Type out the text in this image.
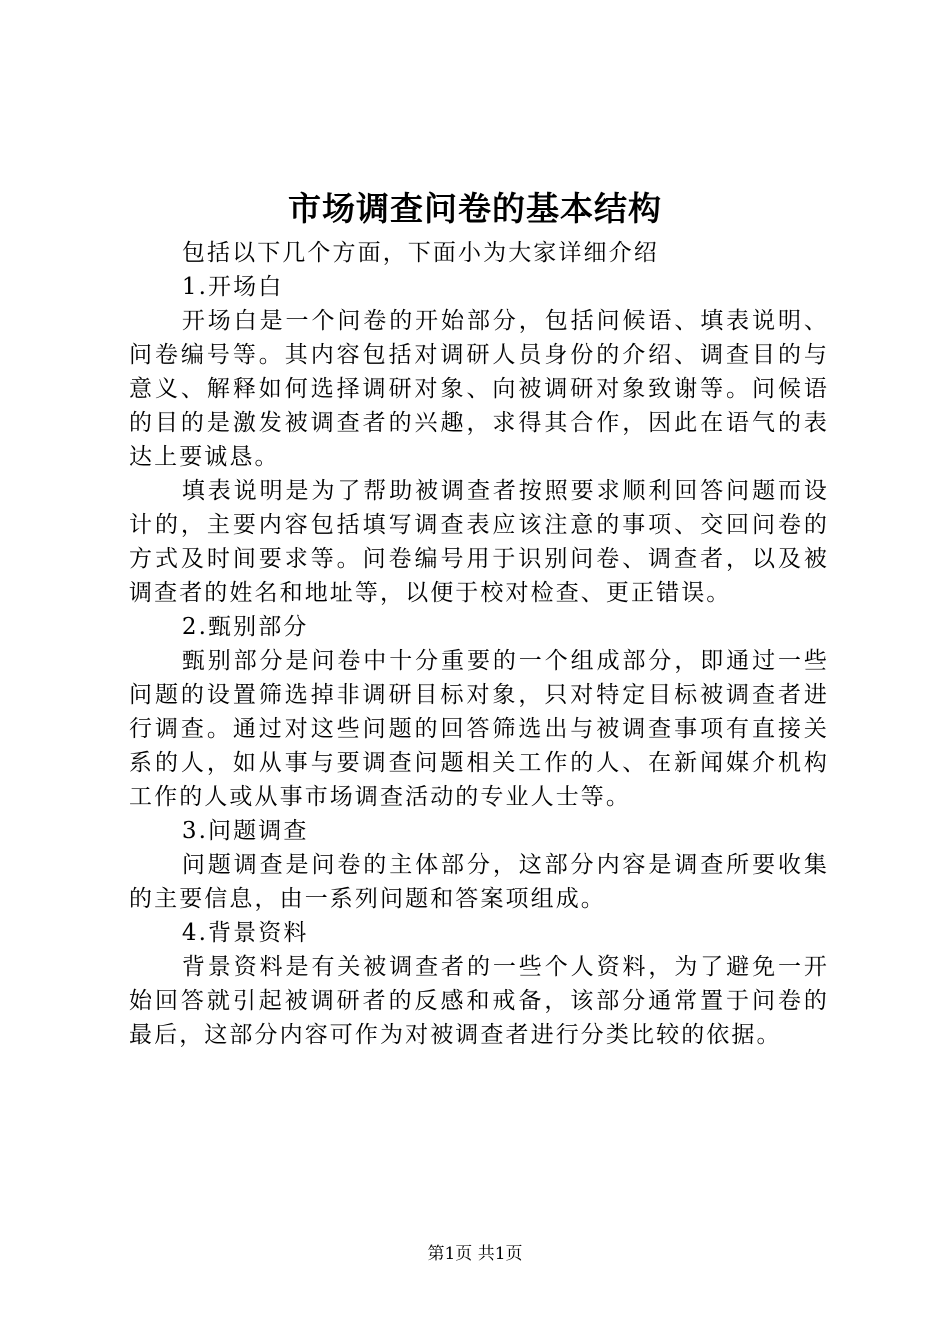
市场调查问卷的基本结构

包括以下几个方面，下面小为大家详细介绍

1.开场白

开场白是一个问卷的开始部分，包括问候语、填表说明、问卷编号等。其内容包括对调研人员身份的介绍、调查目的与意义、解释如何选择调研对象、向被调研对象致谢等。问候语的目的是激发被调查者的兴趣，求得其合作，因此在语气的表达上要诚恳。

填表说明是为了帮助被调查者按照要求顺利回答问题而设计的，主要内容包括填写调查表应该注意的事项、交回问卷的方式及时间要求等。问卷编号用于识别问卷、调查者，以及被调查者的姓名和地址等，以便于校对检查、更正错误。

2.甄别部分

甄别部分是问卷中十分重要的一个组成部分，即通过一些问题的设置筛选掉非调研目标对象，只对特定目标被调查者进行调查。通过对这些问题的回答筛选出与被调查事项有直接关系的人，如从事与要调查问题相关工作的人、在新闻媒介机构工作的人或从事市场调查活动的专业人士等。

3.问题调查

问题调查是问卷的主体部分，这部分内容是调查所要收集的主要信息，由一系列问题和答案项组成。

4.背景资料

背景资料是有关被调查者的一些个人资料，为了避免一开始回答就引起被调研者的反感和戒备，该部分通常置于问卷的最后，这部分内容可作为对被调查者进行分类比较的依据。

第1页 共1页
